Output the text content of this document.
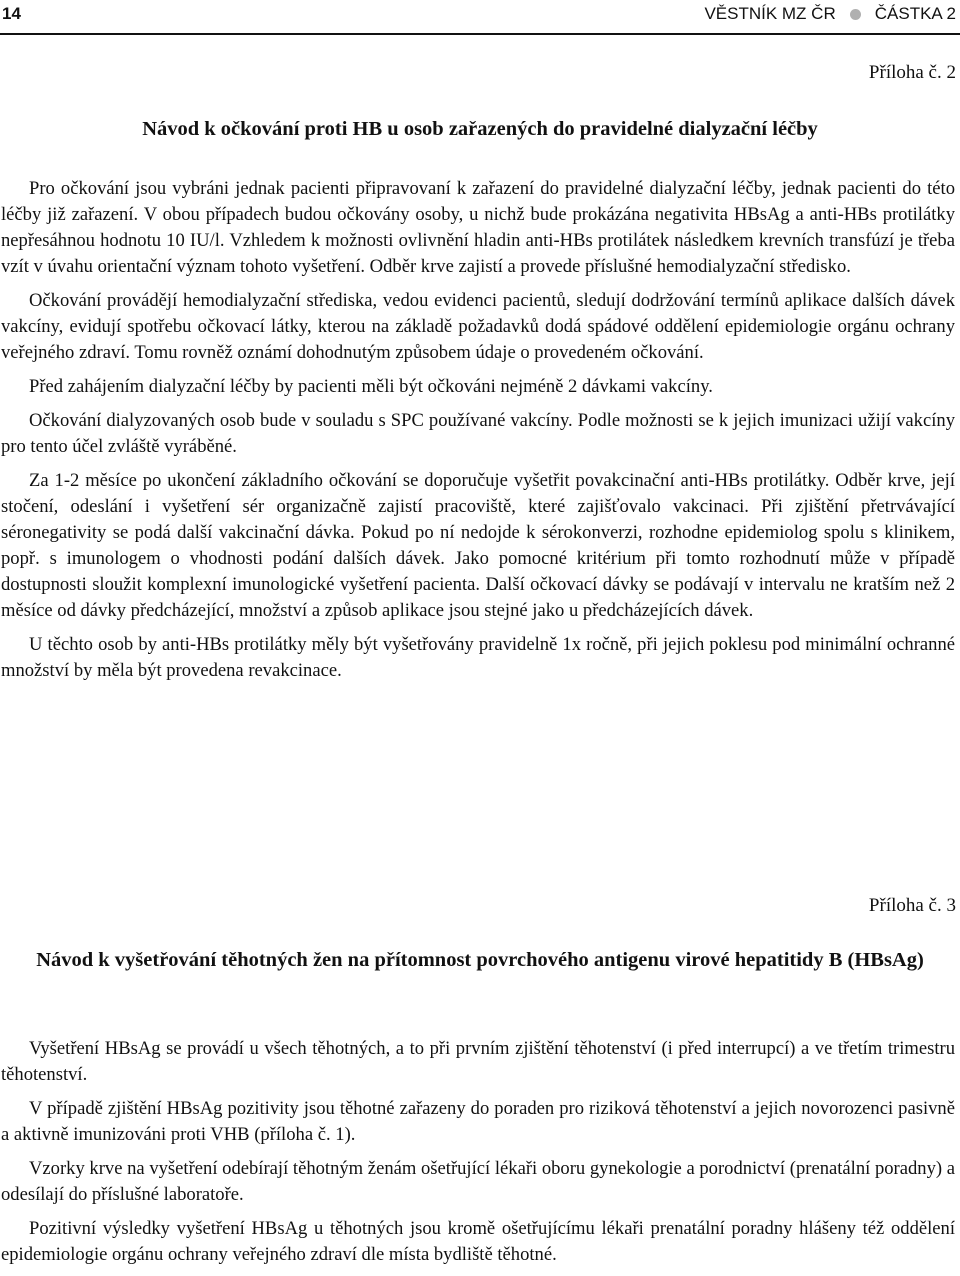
14	VĚSTNÍK MZ ČR ČÁSTKA 2
Příloha č. 2
Návod k očkování proti HB u osob zařazených do pravidelné dialyzační léčby

Pro očkování jsou vybráni jednak pacienti připravovaní k zařazení do pravidelné dialyzační léčby, jednak pacienti do této léčby již zařazení. V obou případech budou očkovány osoby, u nichž bude prokázána negativita HBsAg a anti-HBs protilátky nepřesáhnou hodnotu 10 IU/l. Vzhledem k možnosti ovlivnění hladin anti-HBs protilátek následkem krevních transfúzí je třeba vzít v úvahu orientační význam tohoto vyšetření. Odběr krve zajistí a provede příslušné hemodialyzační středisko.

Očkování provádějí hemodialyzační střediska, vedou evidenci pacientů, sledují dodržování termínů aplikace dalších dávek vakcíny, evidují spotřebu očkovací látky, kterou na základě požadavků dodá spádové oddělení epidemiologie orgánu ochrany veřejného zdraví. Tomu rovněž oznámí dohodnutým způsobem údaje o provedeném očkování.

Před zahájením dialyzační léčby by pacienti měli být očkováni nejméně 2 dávkami vakcíny.

Očkování dialyzovaných osob bude v souladu s SPC používané vakcíny. Podle možnosti se k jejich imunizaci užijí vakcíny pro tento účel zvláště vyráběné.

Za 1-2 měsíce po ukončení základního očkování se doporučuje vyšetřit povakcinační anti-HBs protilátky. Odběr krve, její stočení, odeslání i vyšetření sér organizačně zajistí pracoviště, které zajišťovalo vakcinaci. Při zjištění přetrvávající séronegativity se podá další vakcinační dávka. Pokud po ní nedojde k sérokonverzi, rozhodne epidemiolog spolu s klinikem, popř. s imunologem o vhodnosti podání dalších dávek. Jako pomocné kritérium při tomto rozhodnutí může v případě dostupnosti sloužit komplexní imunologické vyšetření pacienta. Další očkovací dávky se podávají v intervalu ne kratším než 2 měsíce od dávky předcházející, množství a způsob aplikace jsou stejné jako u předcházejících dávek.

U těchto osob by anti-HBs protilátky měly být vyšetřovány pravidelně 1x ročně, při jejich poklesu pod minimální ochranné množství by měla být provedena revakcinace.

Příloha č. 3
Návod k vyšetřování těhotných žen na přítomnost povrchového antigenu virové hepatitidy B (HBsAg)

Vyšetření HBsAg se provádí u všech těhotných, a to při prvním zjištění těhotenství (i před interrupcí) a ve třetím trimestru těhotenství.

V případě zjištění HBsAg pozitivity jsou těhotné zařazeny do poraden pro riziková těhotenství a jejich novorozenci pasivně a aktivně imunizováni proti VHB (příloha č. 1).

Vzorky krve na vyšetření odebírají těhotným ženám ošetřující lékaři oboru gynekologie a porodnictví (prenatální poradny) a odesílají do příslušné laboratoře.

Pozitivní výsledky vyšetření HBsAg u těhotných jsou kromě ošetřujícímu lékaři prenatální poradny hlášeny též oddělení epidemiologie orgánu ochrany veřejného zdraví dle místa bydliště těhotné.
